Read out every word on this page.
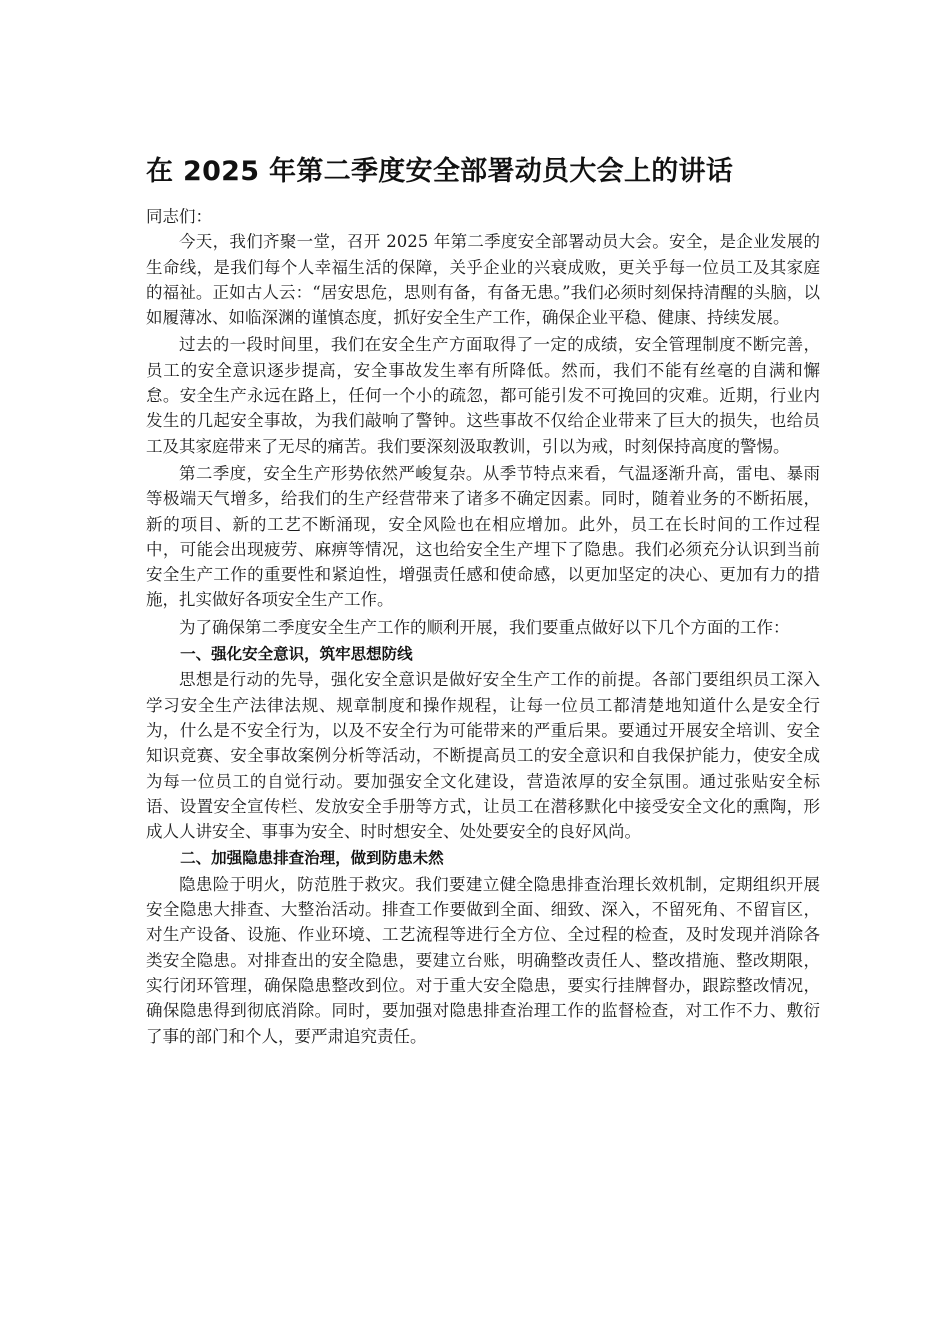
在 2025 年第二季度安全部署动员大会上的讲话

同志们：

今天，我们齐聚一堂，召开 2025 年第二季度安全部署动员大会。安全，是企业发展的生命线，是我们每个人幸福生活的保障，关乎企业的兴衰成败，更关乎每一位员工及其家庭的福祉。正如古人云：“居安思危，思则有备，有备无患。”我们必须时刻保持清醒的头脑，以如履薄冰、如临深渊的谨慎态度，抓好安全生产工作，确保企业平稳、健康、持续发展。

过去的一段时间里，我们在安全生产方面取得了一定的成绩，安全管理制度不断完善，员工的安全意识逐步提高，安全事故发生率有所降低。然而，我们不能有丝毫的自满和懈怠。安全生产永远在路上，任何一个小的疏忽，都可能引发不可挽回的灾难。近期，行业内发生的几起安全事故，为我们敲响了警钟。这些事故不仅给企业带来了巨大的损失，也给员工及其家庭带来了无尽的痛苦。我们要深刻汲取教训，引以为戒，时刻保持高度的警惕。

第二季度，安全生产形势依然严峻复杂。从季节特点来看，气温逐渐升高，雷电、暴雨等极端天气增多，给我们的生产经营带来了诸多不确定因素。同时，随着业务的不断拓展，新的项目、新的工艺不断涌现，安全风险也在相应增加。此外，员工在长时间的工作过程中，可能会出现疲劳、麻痹等情况，这也给安全生产埋下了隐患。我们必须充分认识到当前安全生产工作的重要性和紧迫性，增强责任感和使命感，以更加坚定的决心、更加有力的措施，扎实做好各项安全生产工作。

为了确保第二季度安全生产工作的顺利开展，我们要重点做好以下几个方面的工作：

一、强化安全意识，筑牢思想防线

思想是行动的先导，强化安全意识是做好安全生产工作的前提。各部门要组织员工深入学习安全生产法律法规、规章制度和操作规程，让每一位员工都清楚地知道什么是安全行为，什么是不安全行为，以及不安全行为可能带来的严重后果。要通过开展安全培训、安全知识竞赛、安全事故案例分析等活动，不断提高员工的安全意识和自我保护能力，使安全成为每一位员工的自觉行动。要加强安全文化建设，营造浓厚的安全氛围。通过张贴安全标语、设置安全宣传栏、发放安全手册等方式，让员工在潜移默化中接受安全文化的熏陶，形成人人讲安全、事事为安全、时时想安全、处处要安全的良好风尚。

二、加强隐患排查治理，做到防患未然

隐患险于明火，防范胜于救灾。我们要建立健全隐患排查治理长效机制，定期组织开展安全隐患大排查、大整治活动。排查工作要做到全面、细致、深入，不留死角、不留盲区，对生产设备、设施、作业环境、工艺流程等进行全方位、全过程的检查，及时发现并消除各类安全隐患。对排查出的安全隐患，要建立台账，明确整改责任人、整改措施、整改期限，实行闭环管理，确保隐患整改到位。对于重大安全隐患，要实行挂牌督办，跟踪整改情况，确保隐患得到彻底消除。同时，要加强对隐患排查治理工作的监督检查，对工作不力、敷衍了事的部门和个人，要严肃追究责任。
